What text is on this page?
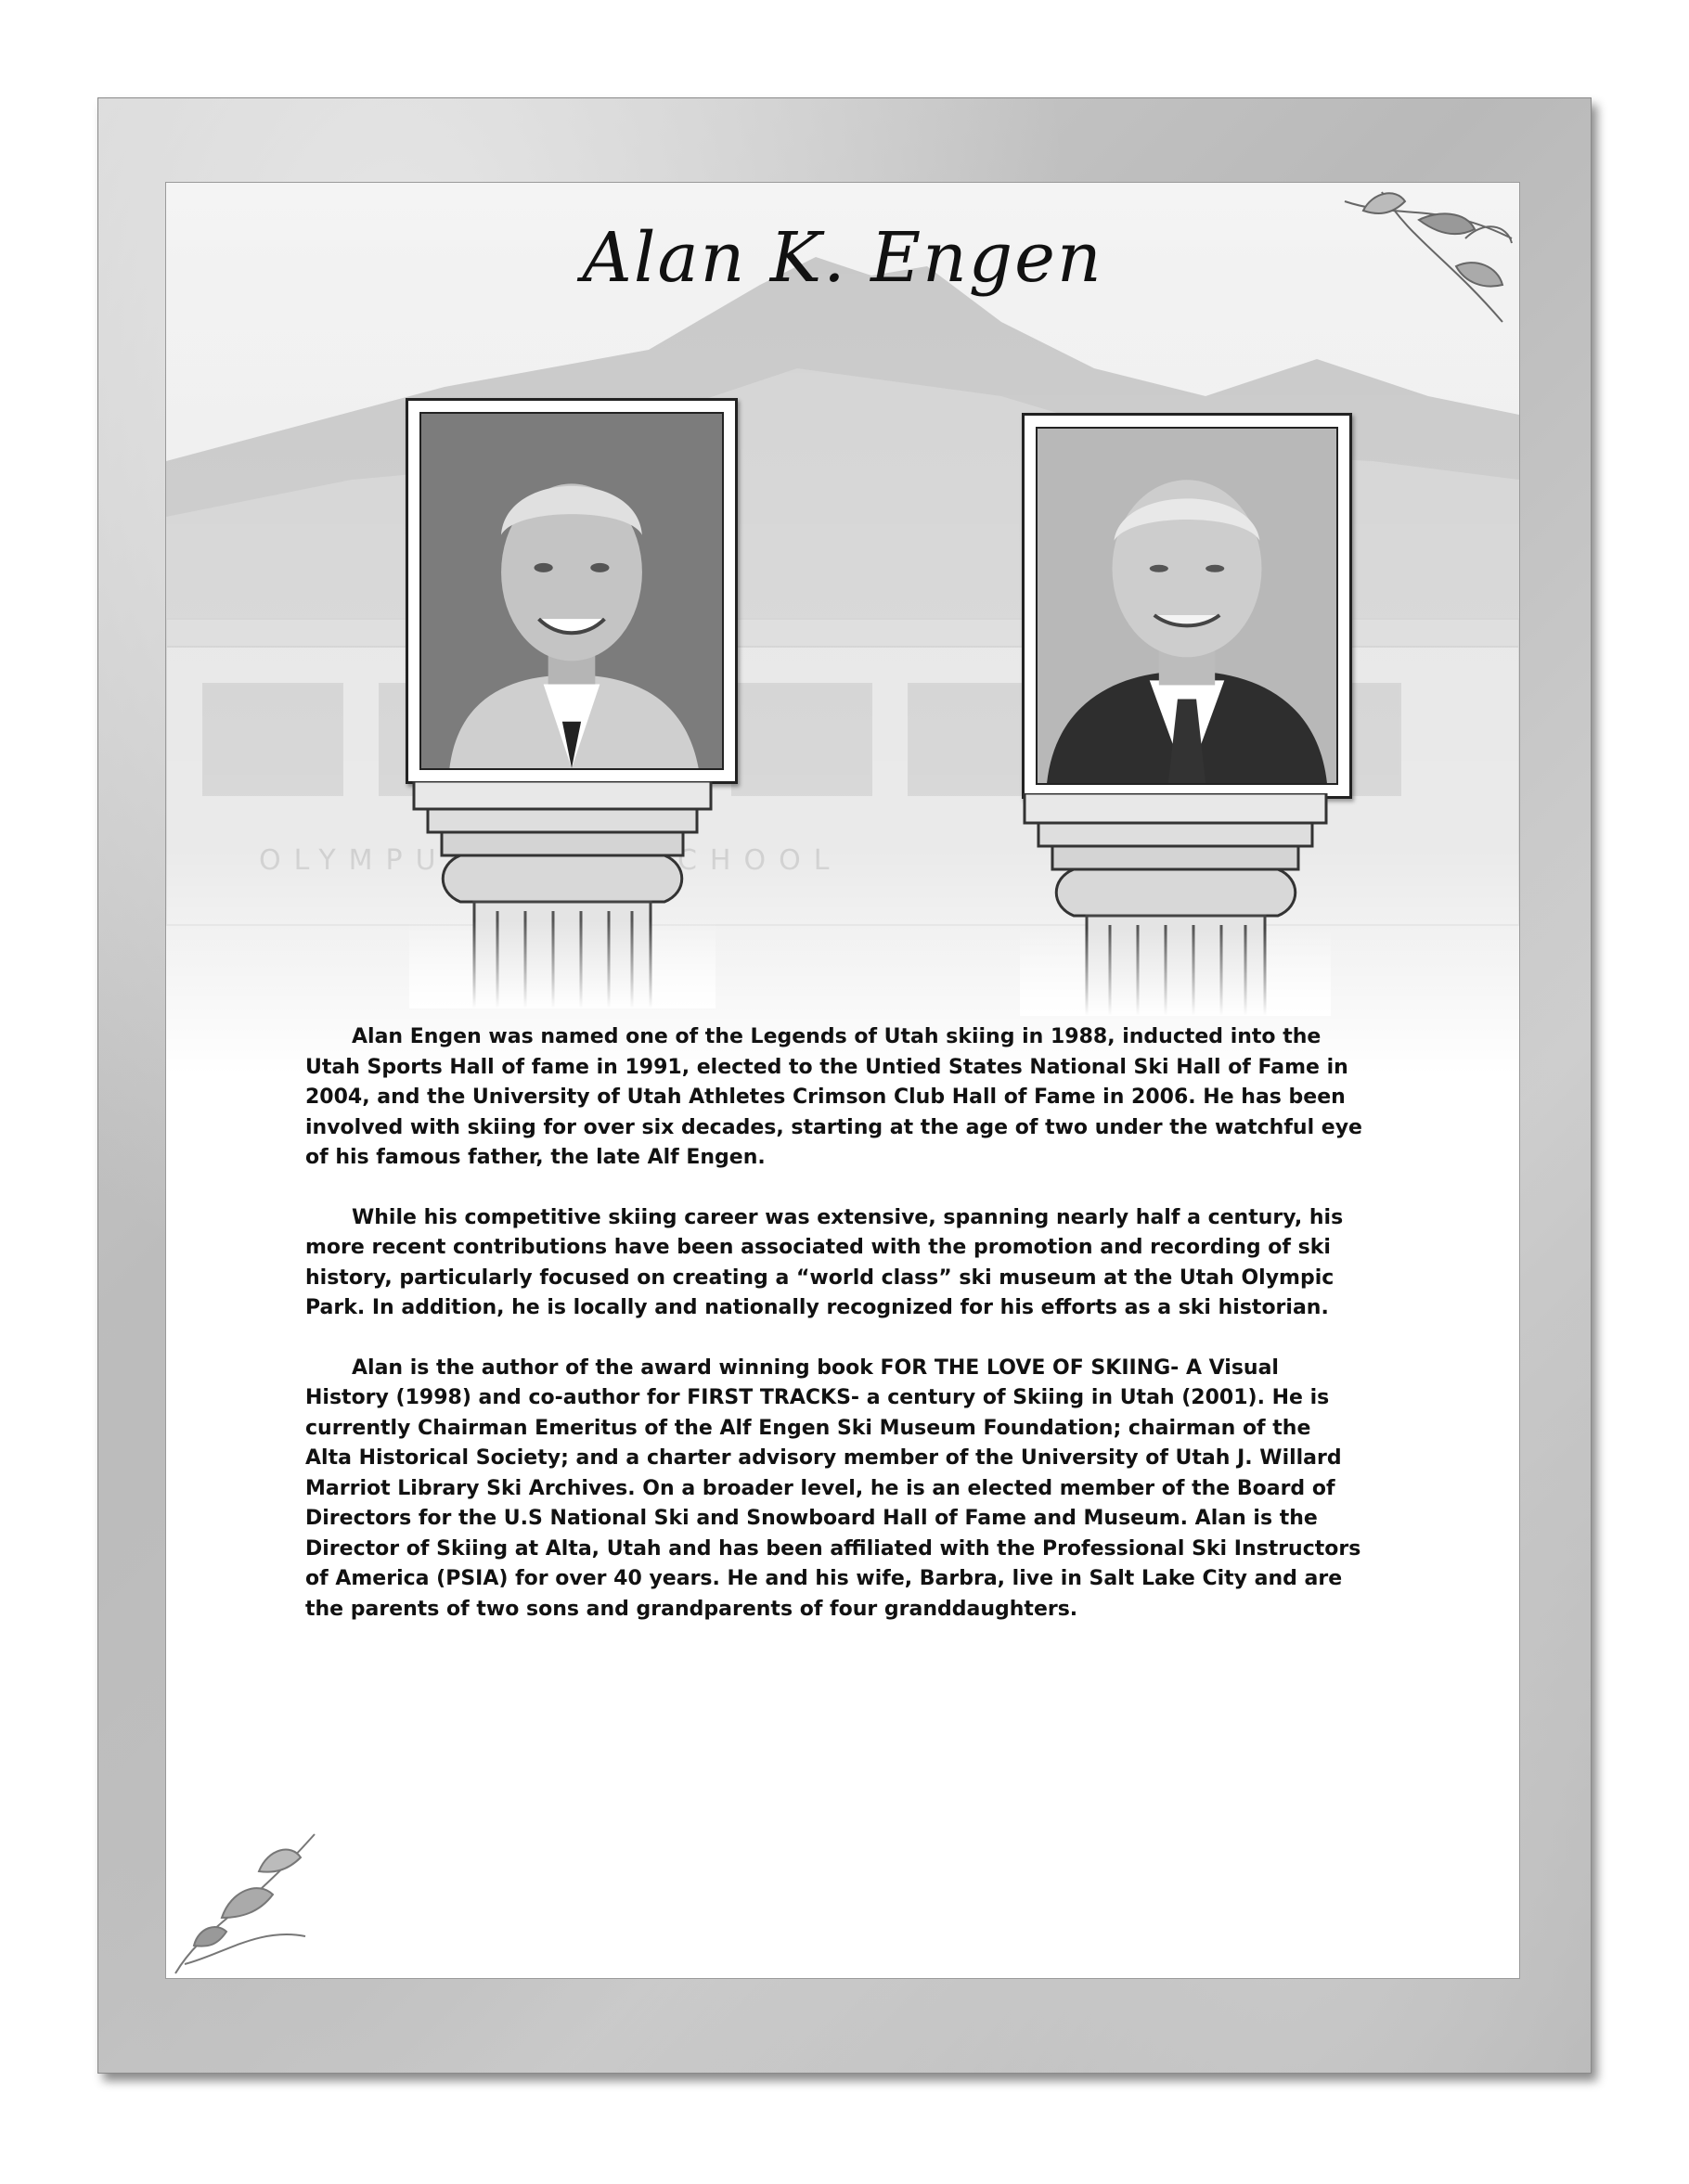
Alan K. Engen

Alan Engen was named one of the Legends of Utah skiing in 1988, inducted into the Utah Sports Hall of fame in 1991, elected to the Untied States National Ski Hall of Fame in 2004, and the University of Utah Athletes Crimson Club Hall of Fame in 2006. He has been involved with skiing for over six decades, starting at the age of two under the watchful eye of his famous father, the late Alf Engen.

While his competitive skiing career was extensive, spanning nearly half a century, his more recent contributions have been associated with the promotion and recording of ski history, particularly focused on creating a “world class” ski museum at the Utah Olympic Park. In addition, he is locally and nationally recognized for his efforts as a ski historian.

Alan is the author of the award winning book FOR THE LOVE OF SKIING- A Visual History (1998) and co-author for FIRST TRACKS- a century of Skiing in Utah (2001). He is currently Chairman Emeritus of the Alf Engen Ski Museum Foundation; chairman of the Alta Historical Society; and a charter advisory member of the University of Utah J. Willard Marriot Library Ski Archives. On a broader level, he is an elected member of the Board of Directors for the U.S National Ski and Snowboard Hall of Fame and Museum. Alan is the Director of Skiing at Alta, Utah and has been affiliated with the Professional Ski Instructors of America (PSIA) for over 40 years. He and his wife, Barbra, live in Salt Lake City and are the parents of two sons and grandparents of four granddaughters.
